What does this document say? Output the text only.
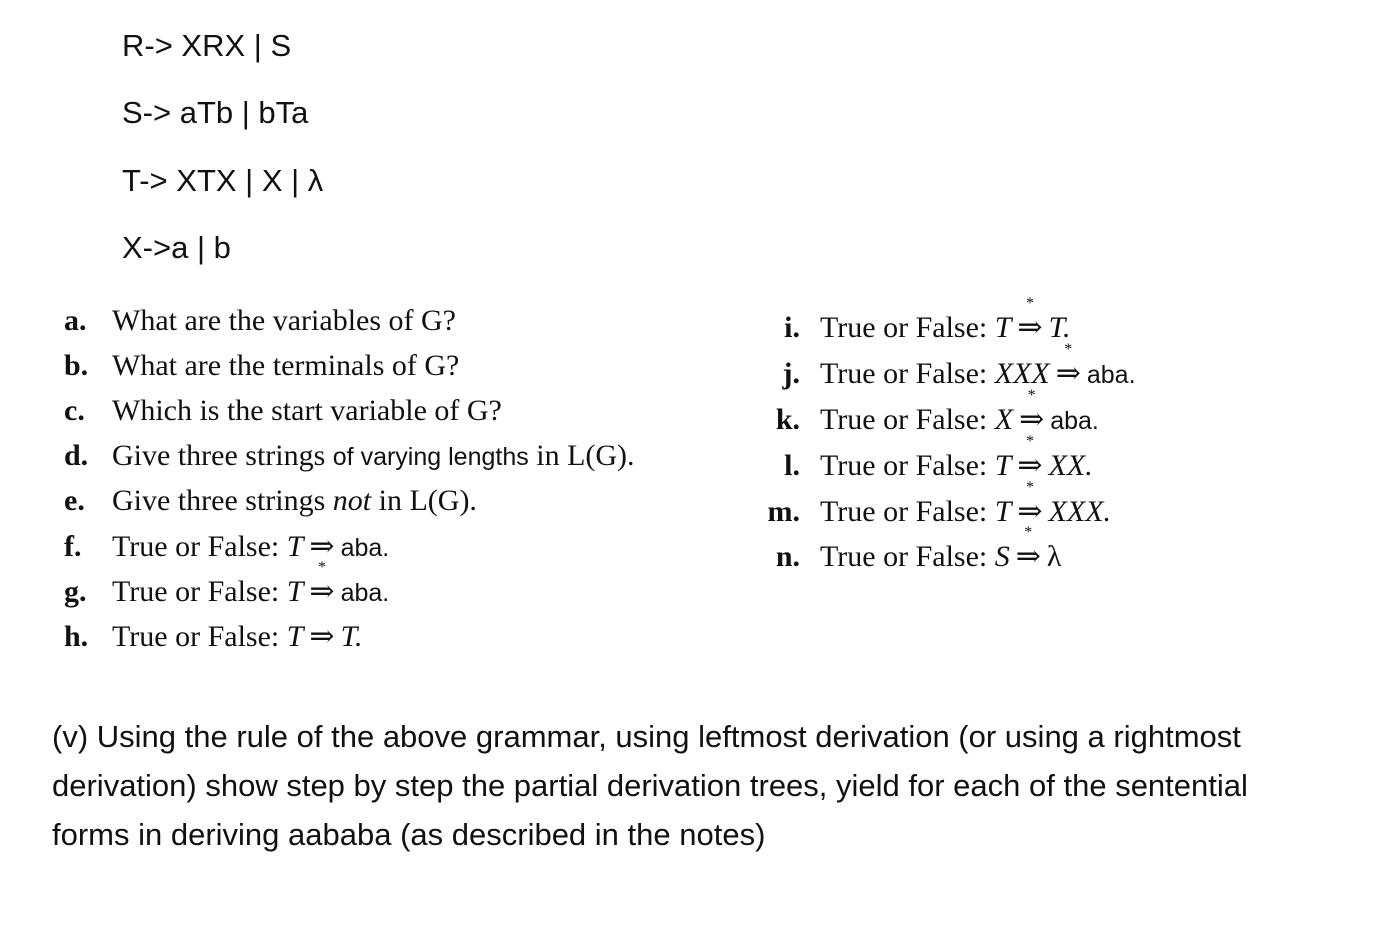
R-> XRX | S
S-> aTb | bTa
T-> XTX | X | λ
X->a | b
a. What are the variables of G?
b. What are the terminals of G?
c. Which is the start variable of G?
d. Give three strings of varying lengths in L(G).
e. Give three strings not in L(G).
f. True or False: T ⇒ aba.
g. True or False: T
*
⇒ aba.
h. True or False: T ⇒ T.
i. True or False: T
*
⇒ T.
j. True or False: XXX
*
⇒ aba.
k. True or False: X
*
⇒ aba.
l. True or False: T
*
⇒ XX.
m. True or False: T
*
⇒ XXX.
n. True or False: S
*
⇒ λ
(v) Using the rule of the above grammar, using leftmost derivation (or using a rightmost derivation) show step by step the partial derivation trees, yield for each of the sentential forms in deriving aababa (as described in the notes)
